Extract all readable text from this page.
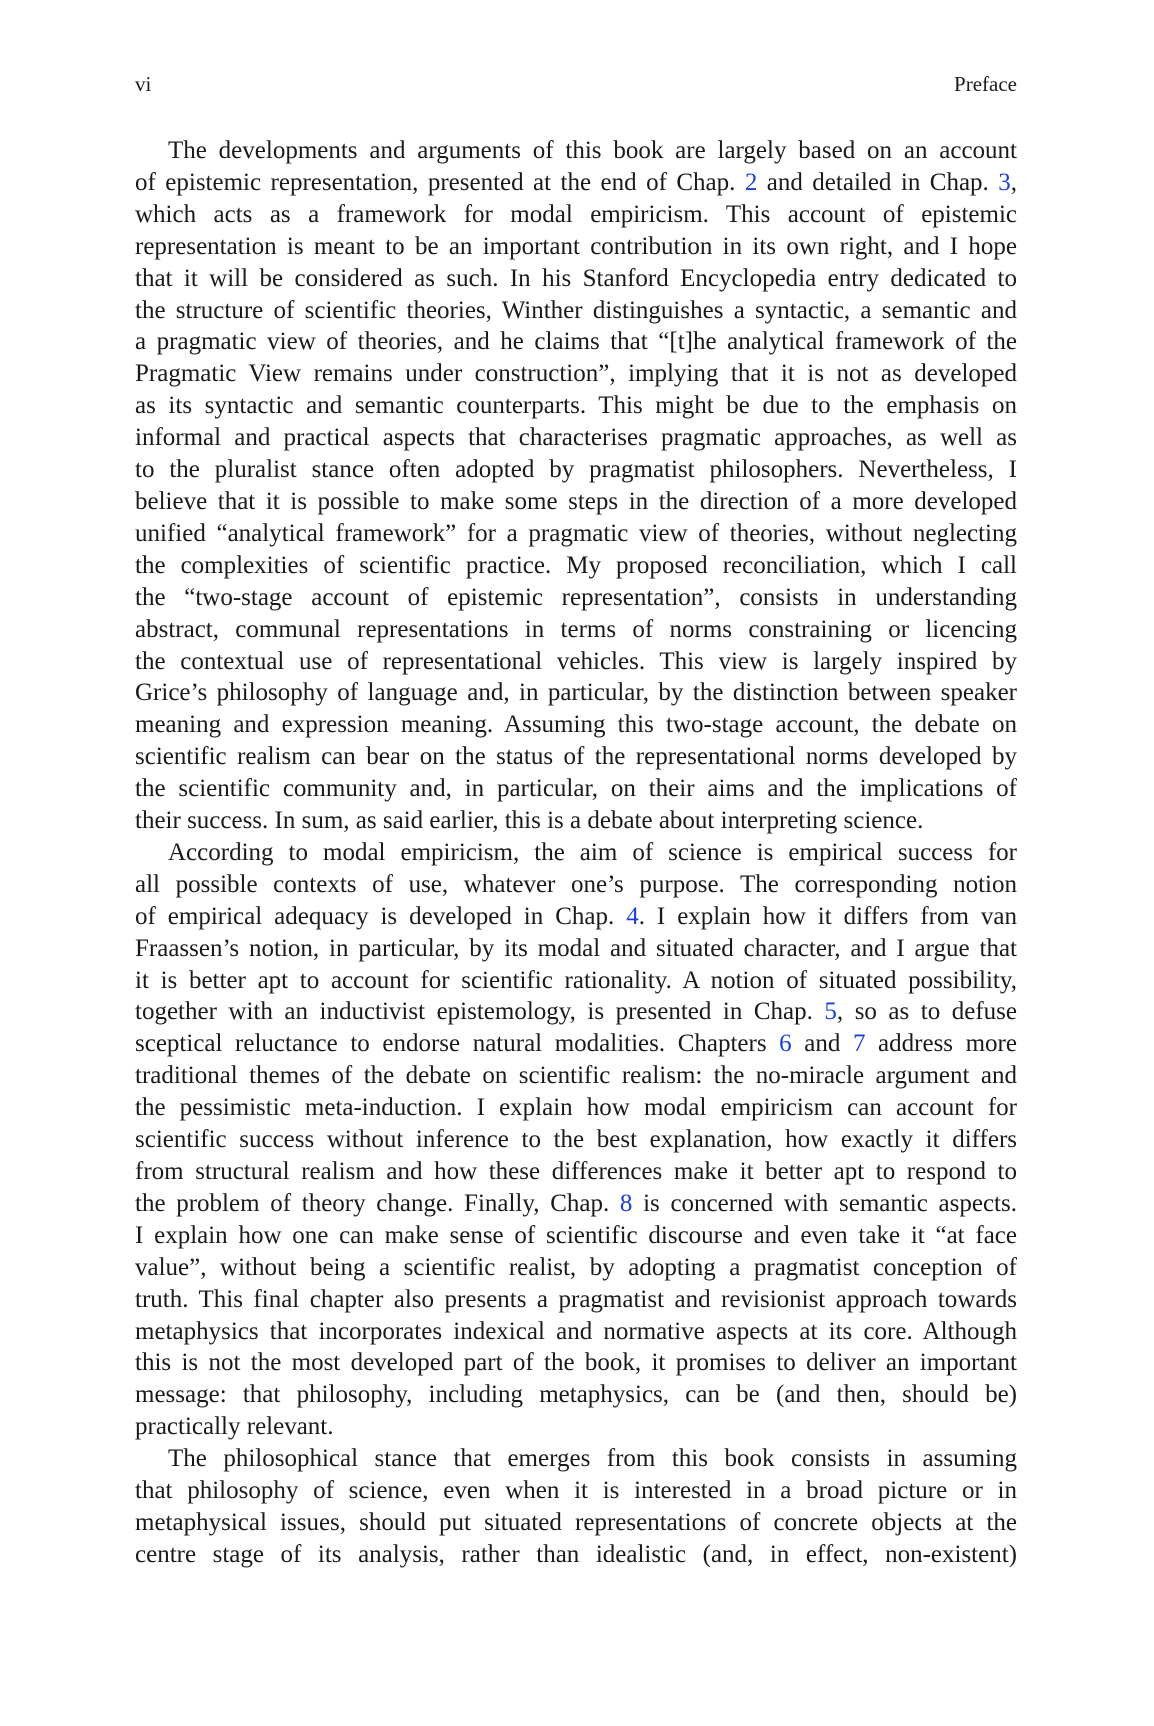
vi	Preface
The developments and arguments of this book are largely based on an account
of epistemic representation, presented at the end of Chap. 2 and detailed in Chap. 3,
which acts as a framework for modal empiricism. This account of epistemic
representation is meant to be an important contribution in its own right, and I hope
that it will be considered as such. In his Stanford Encyclopedia entry dedicated to
the structure of scientific theories, Winther distinguishes a syntactic, a semantic and
a pragmatic view of theories, and he claims that “[t]he analytical framework of the
Pragmatic View remains under construction”, implying that it is not as developed
as its syntactic and semantic counterparts. This might be due to the emphasis on
informal and practical aspects that characterises pragmatic approaches, as well as
to the pluralist stance often adopted by pragmatist philosophers. Nevertheless, I
believe that it is possible to make some steps in the direction of a more developed
unified “analytical framework” for a pragmatic view of theories, without neglecting
the complexities of scientific practice. My proposed reconciliation, which I call
the “two-stage account of epistemic representation”, consists in understanding
abstract, communal representations in terms of norms constraining or licencing
the contextual use of representational vehicles. This view is largely inspired by
Grice’s philosophy of language and, in particular, by the distinction between speaker
meaning and expression meaning. Assuming this two-stage account, the debate on
scientific realism can bear on the status of the representational norms developed by
the scientific community and, in particular, on their aims and the implications of
their success. In sum, as said earlier, this is a debate about interpreting science.
According to modal empiricism, the aim of science is empirical success for
all possible contexts of use, whatever one’s purpose. The corresponding notion
of empirical adequacy is developed in Chap. 4. I explain how it differs from van
Fraassen’s notion, in particular, by its modal and situated character, and I argue that
it is better apt to account for scientific rationality. A notion of situated possibility,
together with an inductivist epistemology, is presented in Chap. 5, so as to defuse
sceptical reluctance to endorse natural modalities. Chapters 6 and 7 address more
traditional themes of the debate on scientific realism: the no-miracle argument and
the pessimistic meta-induction. I explain how modal empiricism can account for
scientific success without inference to the best explanation, how exactly it differs
from structural realism and how these differences make it better apt to respond to
the problem of theory change. Finally, Chap. 8 is concerned with semantic aspects.
I explain how one can make sense of scientific discourse and even take it “at face
value”, without being a scientific realist, by adopting a pragmatist conception of
truth. This final chapter also presents a pragmatist and revisionist approach towards
metaphysics that incorporates indexical and normative aspects at its core. Although
this is not the most developed part of the book, it promises to deliver an important
message: that philosophy, including metaphysics, can be (and then, should be)
practically relevant.
The philosophical stance that emerges from this book consists in assuming
that philosophy of science, even when it is interested in a broad picture or in
metaphysical issues, should put situated representations of concrete objects at the
centre stage of its analysis, rather than idealistic (and, in effect, non-existent)
